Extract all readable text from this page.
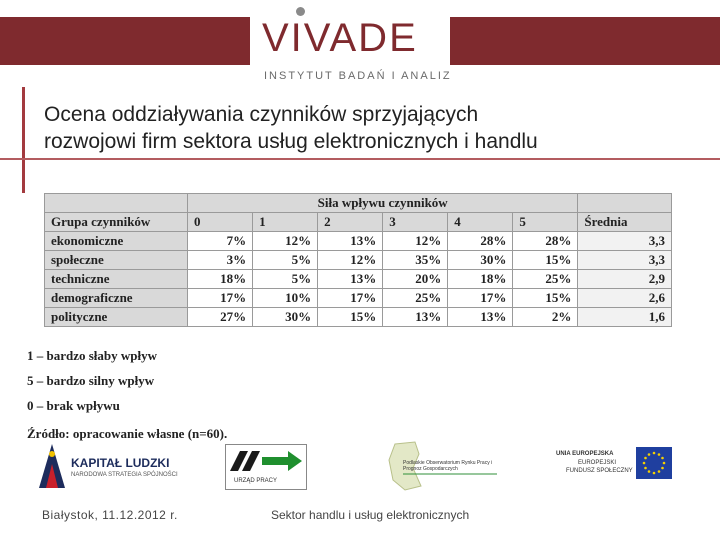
VIVADE
INSTYTUT BADAŃ I ANALIZ
Ocena oddziaływania czynników sprzyjających
rozwojowi firm sektora usług elektronicznych i handlu
	Siła wpływu czynników						
Grupa czynników	0	1	2	3	4	5	Średnia
ekonomiczne	7%	12%	13%	12%	28%	28%	3,3
społeczne	3%	5%	12%	35%	30%	15%	3,3
techniczne	18%	5%	13%	20%	18%	25%	2,9
demograficzne	17%	10%	17%	25%	17%	15%	2,6
polityczne	27%	30%	15%	13%	13%	2%	1,6
1 – bardzo słaby wpływ
5 – bardzo silny wpływ
0 – brak wpływu
Źródło: opracowanie własne (n=60).
KAPITAŁ LUDZKI
NARODOWA STRATEGIA SPÓJNOŚCI
URZĄD PRACY
Podlaskie Obserwatorium Rynku Pracy i Prognoz Gospodarczych
UNIA EUROPEJSKA
EUROPEJSKI
FUNDUSZ SPOŁECZNY
Białystok, 11.12.2012 r.	Sektor handlu i usług elektronicznych
